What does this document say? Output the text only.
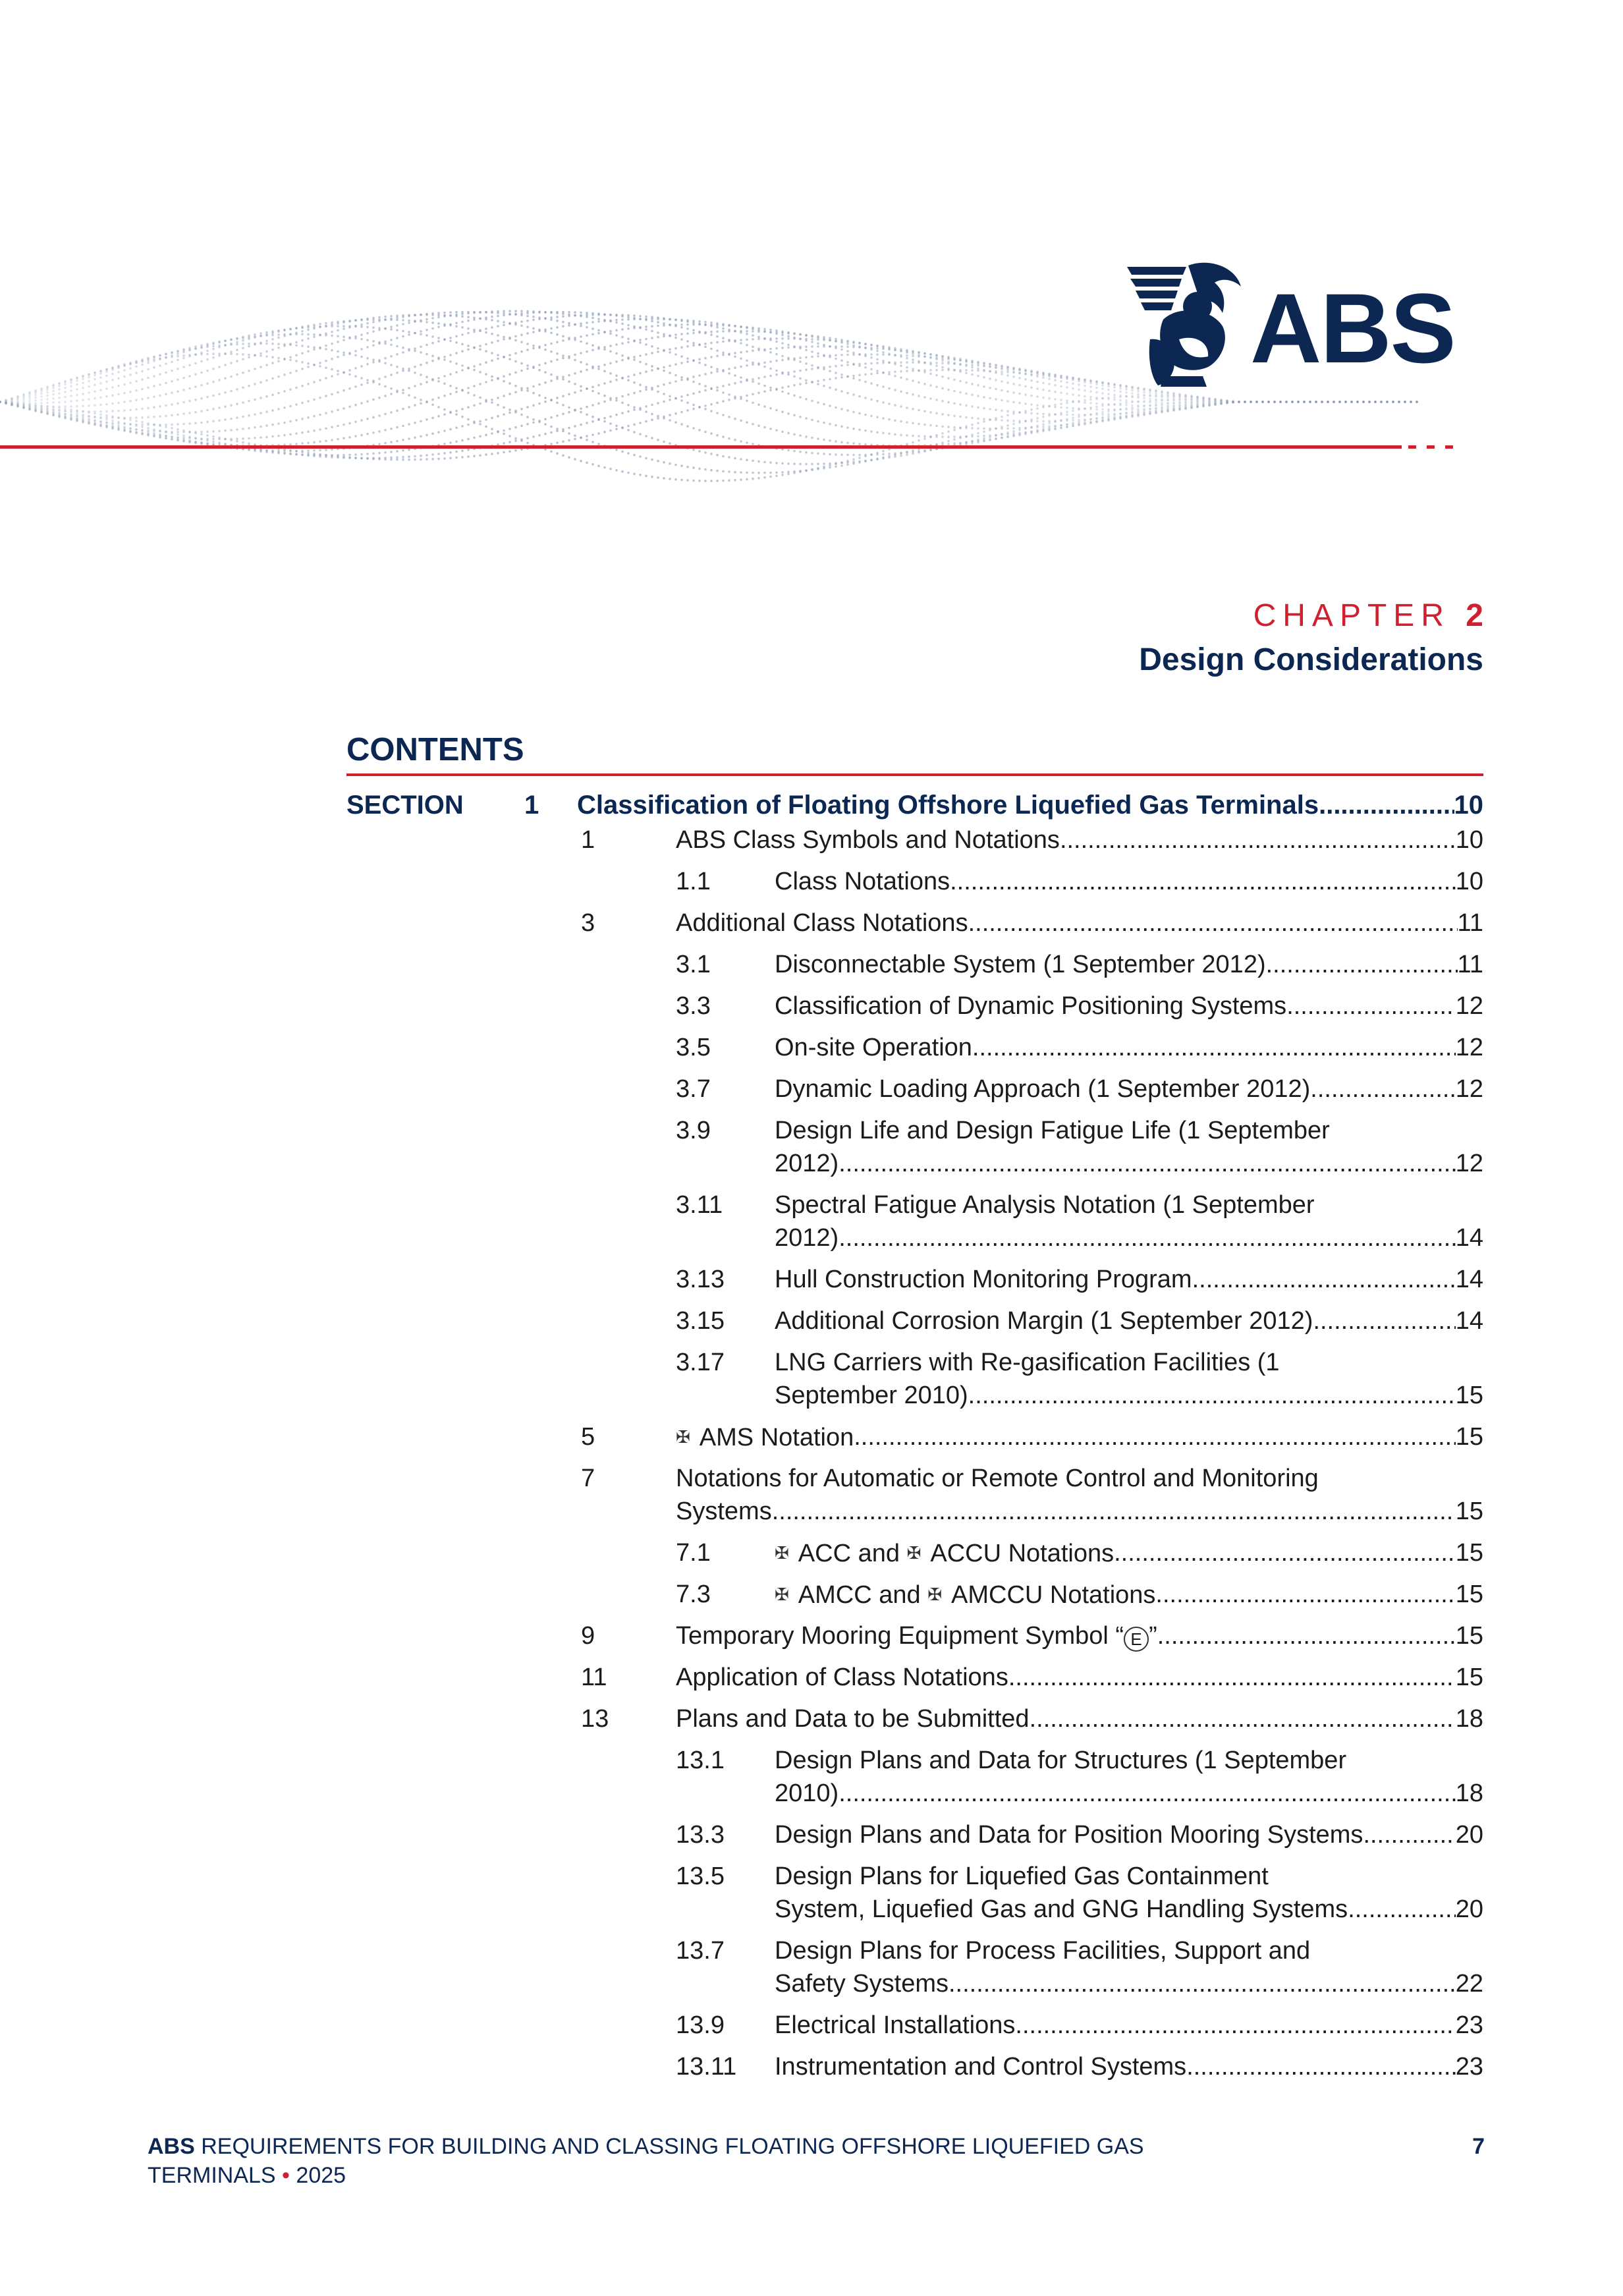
ABS
CHAPTER 2
Design Considerations
CONTENTS
SECTION 1 Classification of Floating Offshore Liquefied Gas Terminals .....	10
1	ABS Class Symbols and Notations .....	10
1.1	Class Notations .....	10
3	Additional Class Notations .....	11
3.1	Disconnectable System (1 September 2012) .....	11
3.3	Classification of Dynamic Positioning Systems .....	12
3.5	On-site Operation .....	12
3.7	Dynamic Loading Approach (1 September 2012) .....	12
3.9	Design Life and Design Fatigue Life (1 September
2012) .....	12
3.11 Spectral Fatigue Analysis Notation (1 September
2012) .....	14
3.13 Hull Construction Monitoring Program .....	14
3.15 Additional Corrosion Margin (1 September 2012) .....	14
3.17 LNG Carriers with Re-gasification Facilities (1
September 2010) .....	15
5	✠ AMS Notation .....	15
7	Notations for Automatic or Remote Control and Monitoring
Systems .....	15
7.1	✠ ACC and ✠ ACCU Notations .....	15
7.3	✠ AMCC and ✠ AMCCU Notations .....	15
9	Temporary Mooring Equipment Symbol “ E ” .....	15
11	Application of Class Notations .....	15
13	Plans and Data to be Submitted .....	18
13.1 Design Plans and Data for Structures (1 September
2010) .....	18
13.3 Design Plans and Data for Position Mooring Systems .....	20
13.5 Design Plans for Liquefied Gas Containment
System, Liquefied Gas and GNG Handling Systems .....	20
13.7 Design Plans for Process Facilities, Support and
Safety Systems .....	22
13.9 Electrical Installations .....	23
13.11 Instrumentation and Control Systems .....	23
ABS REQUIREMENTS FOR BUILDING AND CLASSING FLOATING OFFSHORE LIQUEFIED GAS
TERMINALS • 2025
7
